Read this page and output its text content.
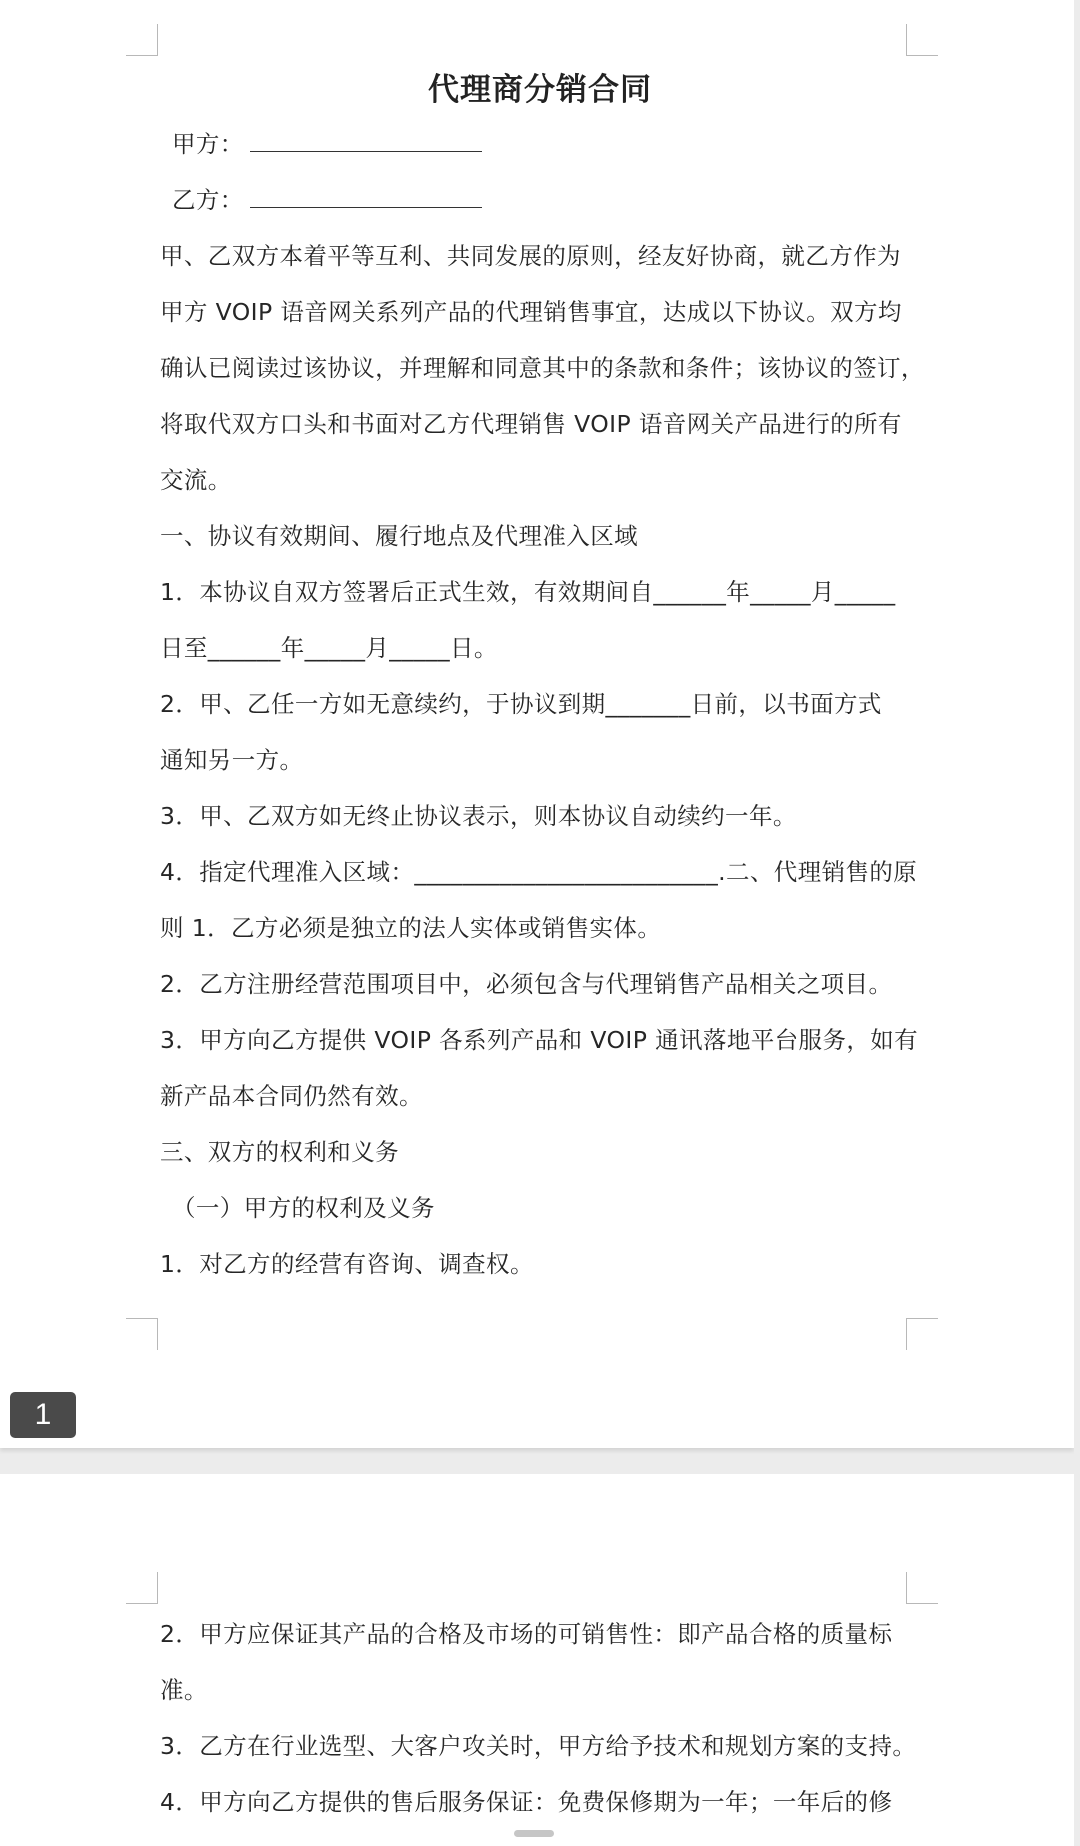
代理商分销合同
甲方：
乙方：
甲、乙双方本着平等互利、共同发展的原则，经友好协商，就乙方作为
甲方 VOIP 语音网关系列产品的代理销售事宜，达成以下协议。双方均
确认已阅读过该协议，并理解和同意其中的条款和条件；该协议的签订，
将取代双方口头和书面对乙方代理销售 VOIP 语音网关产品进行的所有
交流。
一、协议有效期间、履行地点及代理准入区域
1．本协议自双方签署后正式生效，有效期间自______年_____月_____
日至______年_____月_____日。
2．甲、乙任一方如无意续约，于协议到期_______日前，以书面方式
通知另一方。
3．甲、乙双方如无终止协议表示，则本协议自动续约一年。
4．指定代理准入区域：_________________________.二、代理销售的原
则 1．乙方必须是独立的法人实体或销售实体。
2．乙方注册经营范围项目中，必须包含与代理销售产品相关之项目。
3．甲方向乙方提供 VOIP 各系列产品和 VOIP 通讯落地平台服务，如有
新产品本合同仍然有效。
三、双方的权利和义务
（一）甲方的权利及义务
1．对乙方的经营有咨询、调查权。
1
2．甲方应保证其产品的合格及市场的可销售性：即产品合格的质量标
准。
3．乙方在行业选型、大客户攻关时，甲方给予技术和规划方案的支持。
4．甲方向乙方提供的售后服务保证：免费保修期为一年；一年后的修
